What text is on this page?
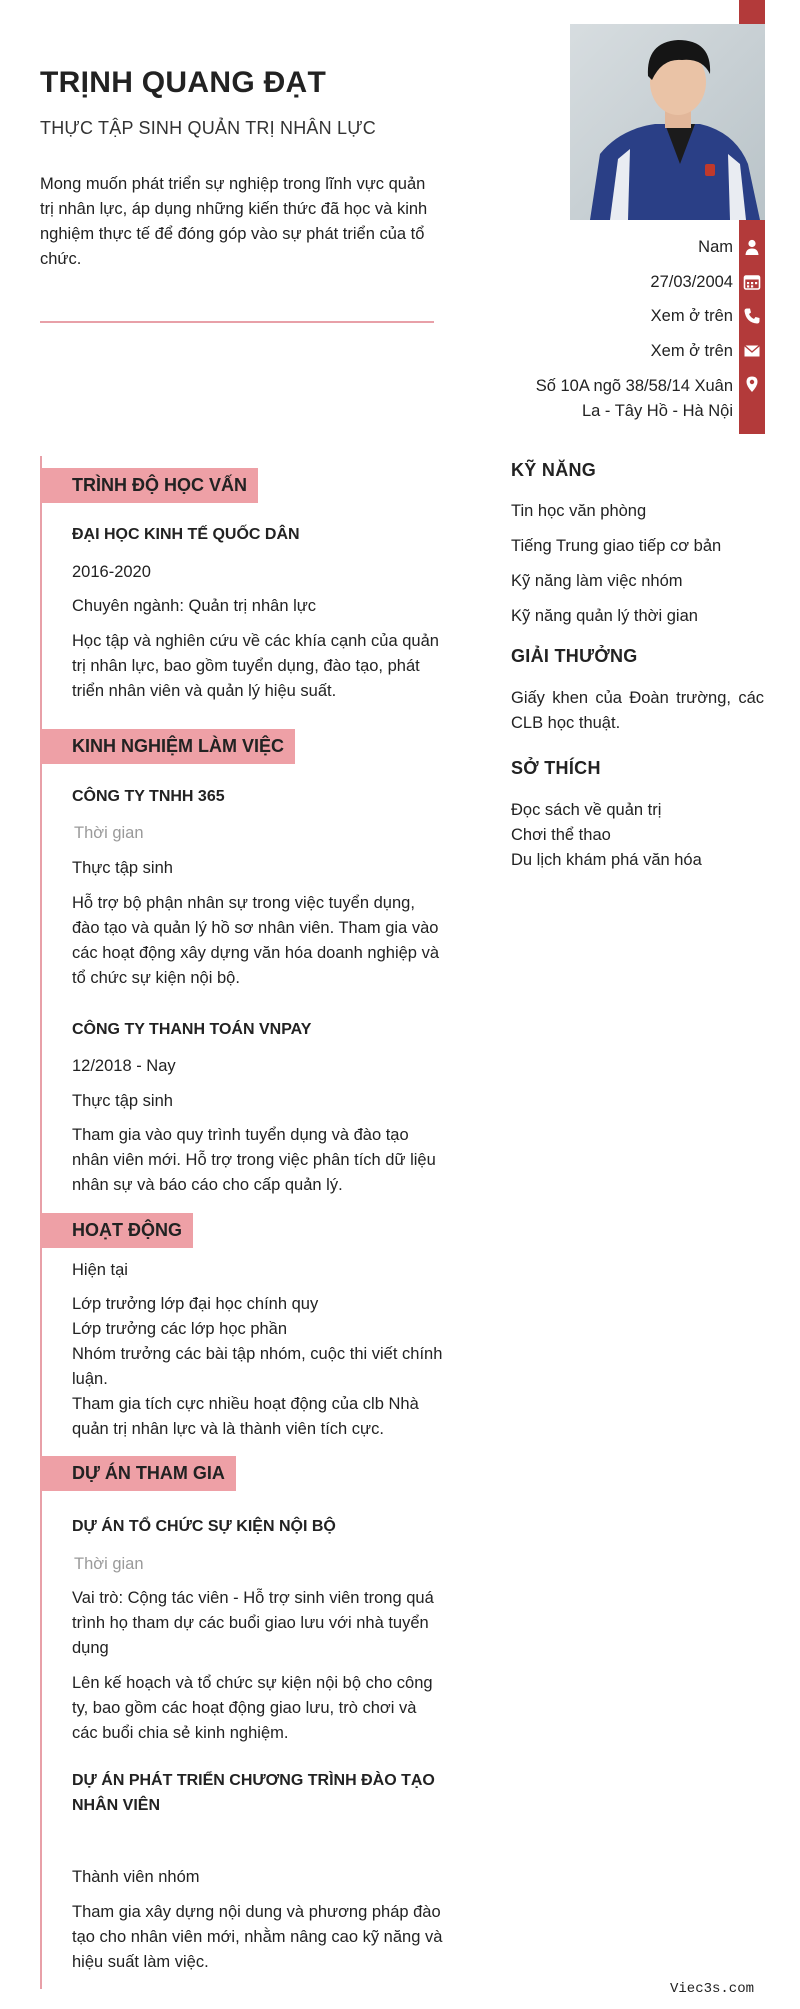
TRỊNH QUANG ĐẠT
THỰC TẬP SINH QUẢN TRỊ NHÂN LỰC
Mong muốn phát triển sự nghiệp trong lĩnh vực quản trị nhân lực, áp dụng những kiến thức đã học và kinh nghiệm thực tế để đóng góp vào sự phát triển của tổ chức.
Nam
27/03/2004
Xem ở trên
Xem ở trên
Số 10A ngõ 38/58/14 Xuân
La - Tây Hồ - Hà Nội
TRÌNH ĐỘ HỌC VẤN
ĐẠI HỌC KINH TẾ QUỐC DÂN
2016-2020
Chuyên ngành: Quản trị nhân lực
Học tập và nghiên cứu về các khía cạnh của quản trị nhân lực, bao gồm tuyển dụng, đào tạo, phát triển nhân viên và quản lý hiệu suất.
KINH NGHIỆM LÀM VIỆC
CÔNG TY TNHH 365
Thời gian
Thực tập sinh
Hỗ trợ bộ phận nhân sự trong việc tuyển dụng, đào tạo và quản lý hồ sơ nhân viên. Tham gia vào các hoạt động xây dựng văn hóa doanh nghiệp và tổ chức sự kiện nội bộ.
CÔNG TY THANH TOÁN VNPAY
12/2018 - Nay
Thực tập sinh
Tham gia vào quy trình tuyển dụng và đào tạo nhân viên mới. Hỗ trợ trong việc phân tích dữ liệu nhân sự và báo cáo cho cấp quản lý.
HOẠT ĐỘNG
Hiện tại
Lớp trưởng lớp đại học chính quy
Lớp trưởng các lớp học phần
Nhóm trưởng các bài tập nhóm, cuộc thi viết chính luận.
Tham gia tích cực nhiều hoạt động của clb Nhà quản trị nhân lực và là thành viên tích cực.
DỰ ÁN THAM GIA
DỰ ÁN TỔ CHỨC SỰ KIỆN NỘI BỘ
Thời gian
Vai trò: Cộng tác viên - Hỗ trợ sinh viên trong quá trình họ tham dự các buổi giao lưu với nhà tuyển dụng
Lên kế hoạch và tổ chức sự kiện nội bộ cho công ty, bao gồm các hoạt động giao lưu, trò chơi và các buổi chia sẻ kinh nghiệm.
DỰ ÁN PHÁT TRIỂN CHƯƠNG TRÌNH ĐÀO TẠO NHÂN VIÊN
Thành viên nhóm
Tham gia xây dựng nội dung và phương pháp đào tạo cho nhân viên mới, nhằm nâng cao kỹ năng và hiệu suất làm việc.
KỸ NĂNG
Tin học văn phòng
Tiếng Trung giao tiếp cơ bản
Kỹ năng làm việc nhóm
Kỹ năng quản lý thời gian
GIẢI THƯỞNG
Giấy khen của Đoàn trường, các CLB học thuật.
SỞ THÍCH
Đọc sách về quản trị
Chơi thể thao
Du lịch khám phá văn hóa
Viec3s.com
